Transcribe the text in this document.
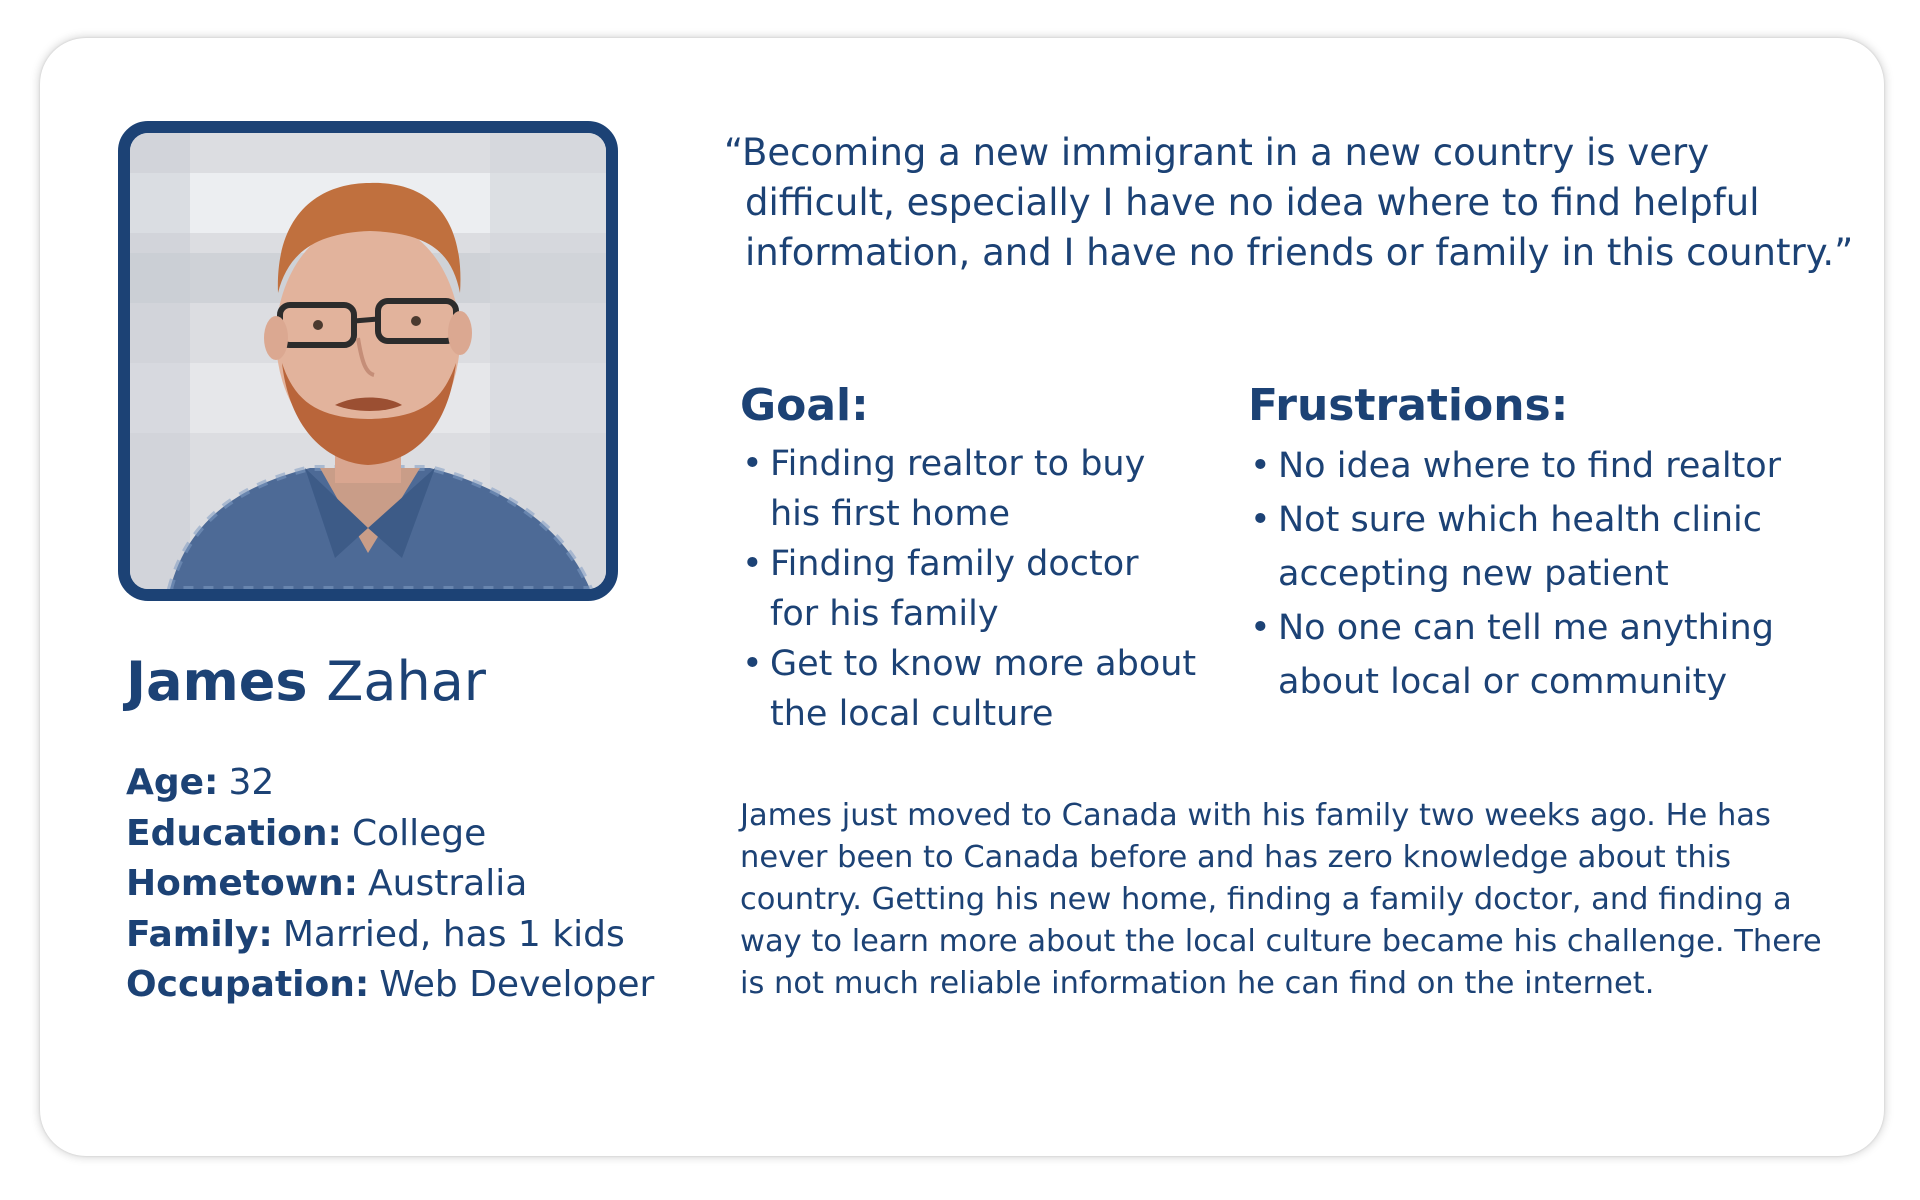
James Zahar
Age: 32
Education: College
Hometown: Australia
Family: Married, has 1 kids
Occupation: Web Developer

“Becoming a new immigrant in a new country is very
difficult, especially I have no idea where to find helpful
information, and I have no friends or family in this country.”

Goal:
• Finding realtor to buy
his first home
• Finding family doctor
for his family
• Get to know more about
the local culture
Frustrations:
• No idea where to find realtor
• Not sure which health clinic
accepting new patient
• No one can tell me anything
about local or community

James just moved to Canada with his family two weeks ago. He has
never been to Canada before and has zero knowledge about this
country. Getting his new home, finding a family doctor, and finding a
way to learn more about the local culture became his challenge. There
is not much reliable information he can find on the internet.
